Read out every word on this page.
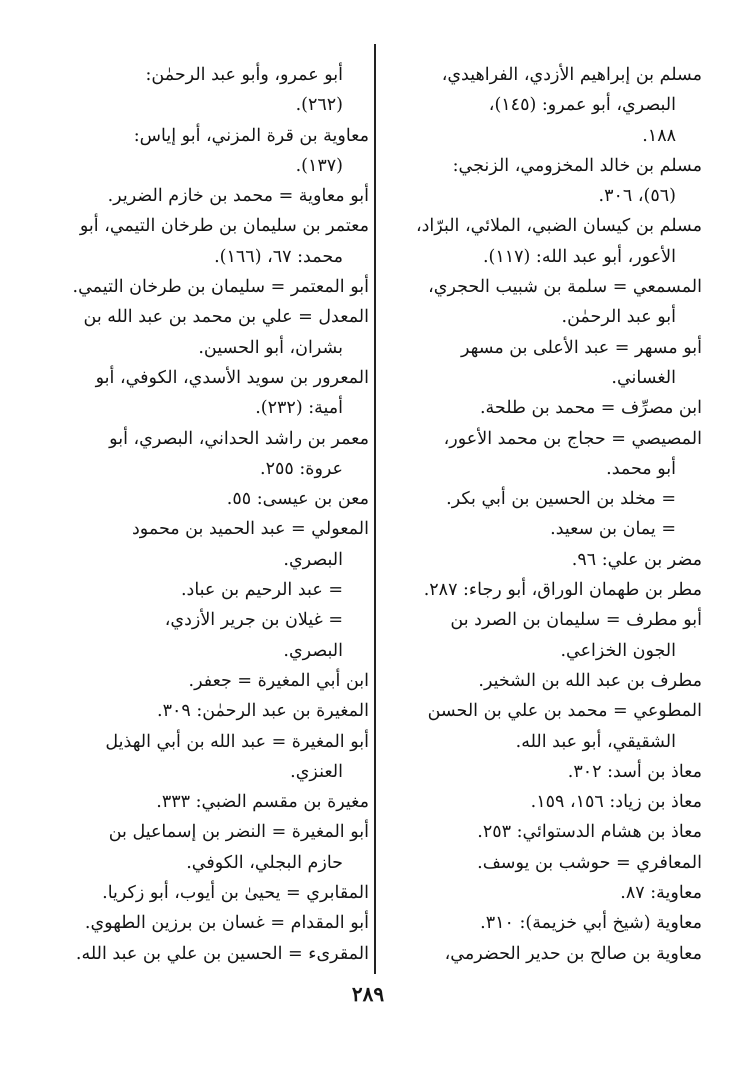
مسلم بن إبراهيم الأزدي، الفراهيدي،

البصري، أبو عمرو: (١٤٥)،

١٨٨.

مسلم بن خالد المخزومي، الزنجي:

(٥٦)، ٣٠٦.

مسلم بن كيسان الضبي، الملائي، البرّاد،

الأعور، أبو عبد الله: (١١٧).

المسمعي = سلمة بن شبيب الحجري،

أبو عبد الرحمٰن.

أبو مسهر = عبد الأعلى بن مسهر

الغساني.

ابن مصرِّف = محمد بن طلحة.

المصيصي = حجاج بن محمد الأعور،

أبو محمد.

= مخلد بن الحسين بن أبي بكر.

= يمان بن سعيد.

مضر بن علي: ٩٦.

مطر بن طهمان الوراق، أبو رجاء: ٢٨٧.

أبو مطرف = سليمان بن الصرد بن

الجون الخزاعي.

مطرف بن عبد الله بن الشخير.

المطوعي = محمد بن علي بن الحسن

الشقيقي، أبو عبد الله.

معاذ بن أسد: ٣٠٢.

معاذ بن زياد: ١٥٦، ١٥٩.

معاذ بن هشام الدستوائي: ٢٥٣.

المعافري = حوشب بن يوسف.

معاوية: ٨٧.

معاوية (شيخ أبي خزيمة): ٣١٠.

معاوية بن صالح بن حدير الحضرمي،

أبو عمرو، وأبو عبد الرحمٰن:

(٢٦٢).

معاوية بن قرة المزني، أبو إياس:

(١٣٧).

أبو معاوية = محمد بن خازم الضرير.

معتمر بن سليمان بن طرخان التيمي، أبو

محمد: ٦٧، (١٦٦).

أبو المعتمر = سليمان بن طرخان التيمي.

المعدل = علي بن محمد بن عبد الله بن

بشران، أبو الحسين.

المعرور بن سويد الأسدي، الكوفي، أبو

أمية: (٢٣٢).

معمر بن راشد الحداني، البصري، أبو

عروة: ٢٥٥.

معن بن عيسى: ٥٥.

المعولي = عبد الحميد بن محمود

البصري.

= عبد الرحيم بن عباد.

= غيلان بن جرير الأزدي،

البصري.

ابن أبي المغيرة = جعفر.

المغيرة بن عبد الرحمٰن: ٣٠٩.

أبو المغيرة = عبد الله بن أبي الهذيل

العنزي.

مغيرة بن مقسم الضبي: ٣٣٣.

أبو المغيرة = النضر بن إسماعيل بن

حازم البجلي، الكوفي.

المقابري = يحيىٰ بن أيوب، أبو زكريا.

أبو المقدام = غسان بن برزين الطهوي.

المقرىء = الحسين بن علي بن عبد الله.

٢٨٩
